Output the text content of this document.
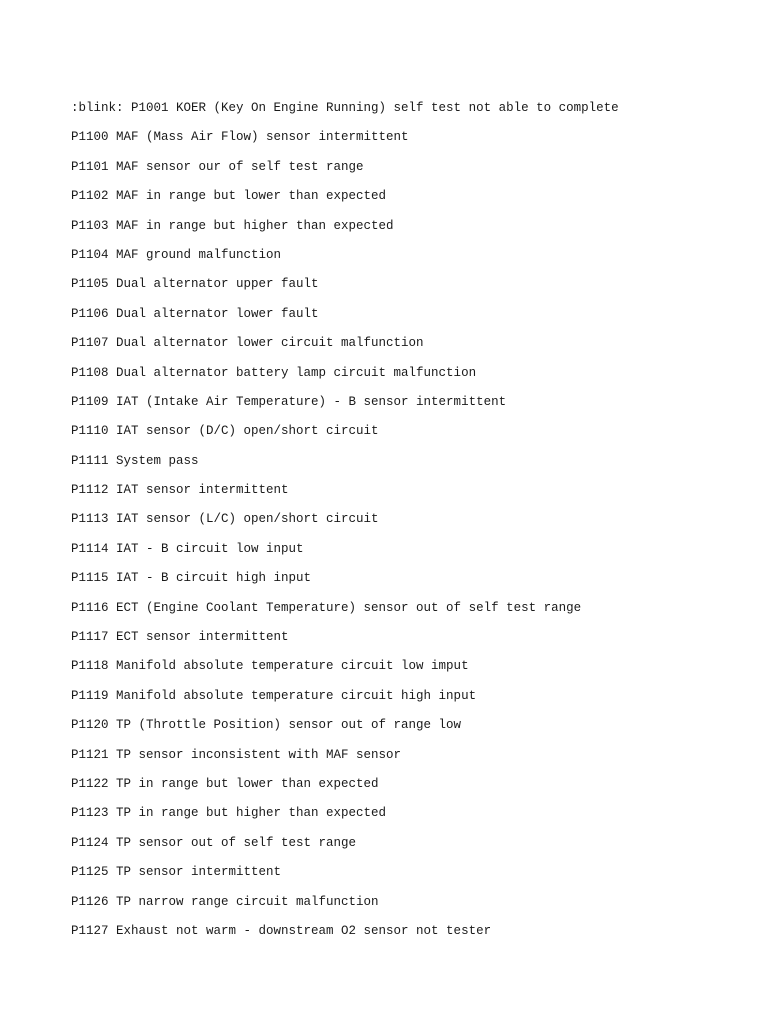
:blink: P1001 KOER (Key On Engine Running) self test not able to complete

P1100 MAF (Mass Air Flow) sensor intermittent

P1101 MAF sensor our of self test range

P1102 MAF in range but lower than expected

P1103 MAF in range but higher than expected

P1104 MAF ground malfunction

P1105 Dual alternator upper fault

P1106 Dual alternator lower fault

P1107 Dual alternator lower circuit malfunction

P1108 Dual alternator battery lamp circuit malfunction

P1109 IAT (Intake Air Temperature) - B sensor intermittent

P1110 IAT sensor (D/C) open/short circuit

P1111 System pass

P1112 IAT sensor intermittent

P1113 IAT sensor (L/C) open/short circuit

P1114 IAT - B circuit low input

P1115 IAT - B circuit high input

P1116 ECT (Engine Coolant Temperature) sensor out of self test range

P1117 ECT sensor intermittent

P1118 Manifold absolute temperature circuit low imput

P1119 Manifold absolute temperature circuit high input

P1120 TP (Throttle Position) sensor out of range low

P1121 TP sensor inconsistent with MAF sensor

P1122 TP in range but lower than expected

P1123 TP in range but higher than expected

P1124 TP sensor out of self test range

P1125 TP sensor intermittent

P1126 TP narrow range circuit malfunction

P1127 Exhaust not warm - downstream O2 sensor not tester
